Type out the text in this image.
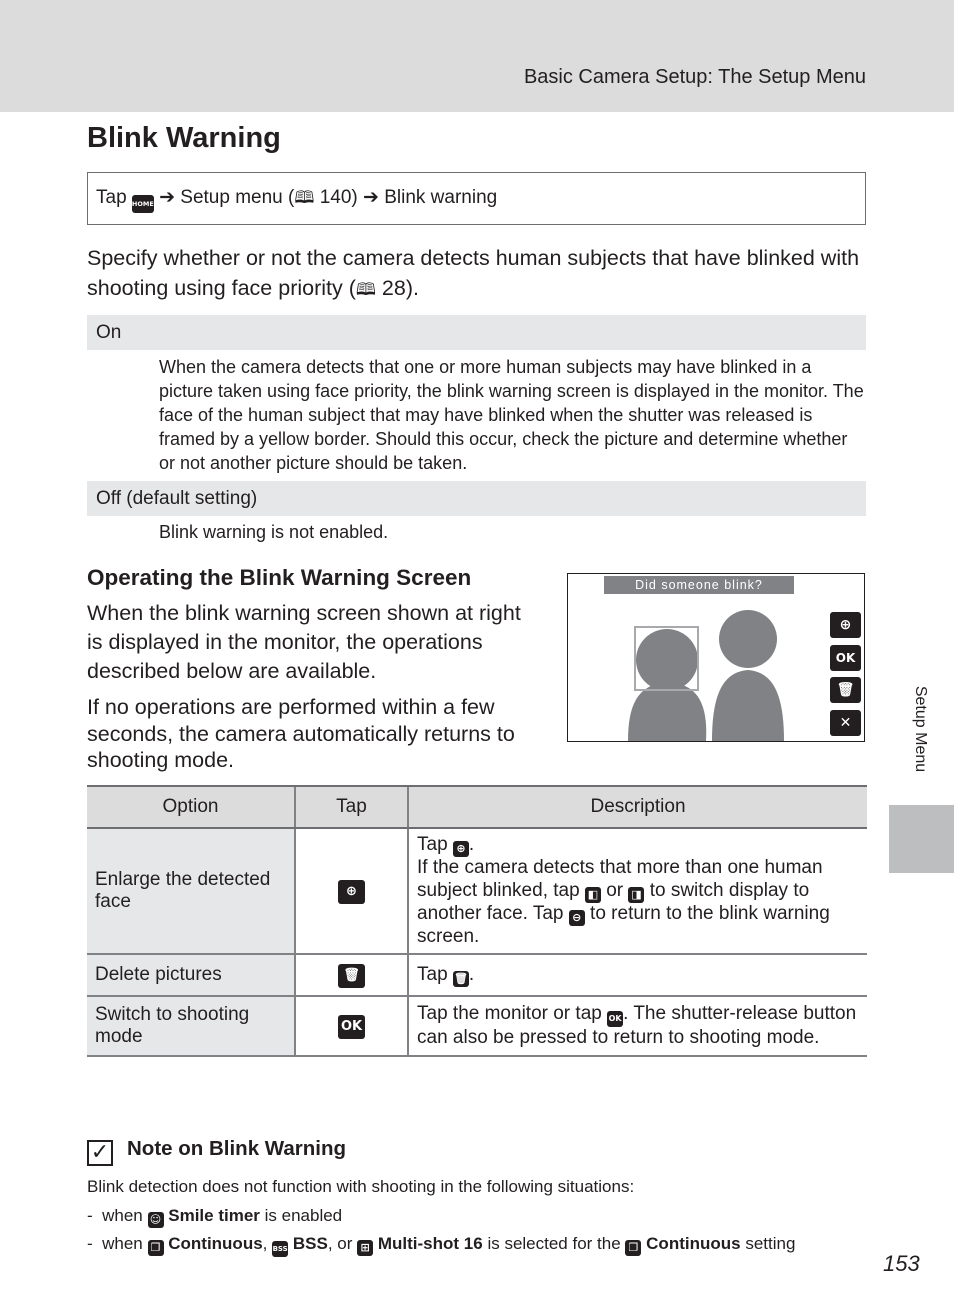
Basic Camera Setup: The Setup Menu
Blink Warning
Tap HOME ➔ Setup menu (🕮 140) ➔ Blink warning
Specify whether or not the camera detects human subjects that have blinked with shooting using face priority (🕮 28).
On
When the camera detects that one or more human subjects may have blinked in a picture taken using face priority, the blink warning screen is displayed in the monitor. The face of the human subject that may have blinked when the shutter was released is framed by a yellow border. Should this occur, check the picture and determine whether or not another picture should be taken.
Off (default setting)
Blink warning is not enabled.
Operating the Blink Warning Screen
When the blink warning screen shown at right is displayed in the monitor, the operations described below are available.
If no operations are performed within a few seconds, the camera automatically returns to shooting mode.
Did someone blink?
⊕
OK
🗑
✕	Setup Menu
Option	Tap	Description
Enlarge the detected face	⊕	Tap ⊕ .
If the camera detects that more than one human subject blinked, tap ◧ or ◨ to switch display to another face. Tap ⊖ to return to the blink warning screen.
Delete pictures	🗑	Tap 🗑.
Switch to shooting mode	OK	Tap the monitor or tap OK. The shutter-release button can also be pressed to return to shooting mode.
✓ Note on Blink Warning
Blink detection does not function with shooting in the following situations:
- when ☺ Smile timer is enabled
- when ❐ Continuous, BSS BSS, or ⊞ Multi-shot 16 is selected for the ❐ Continuous setting
153
